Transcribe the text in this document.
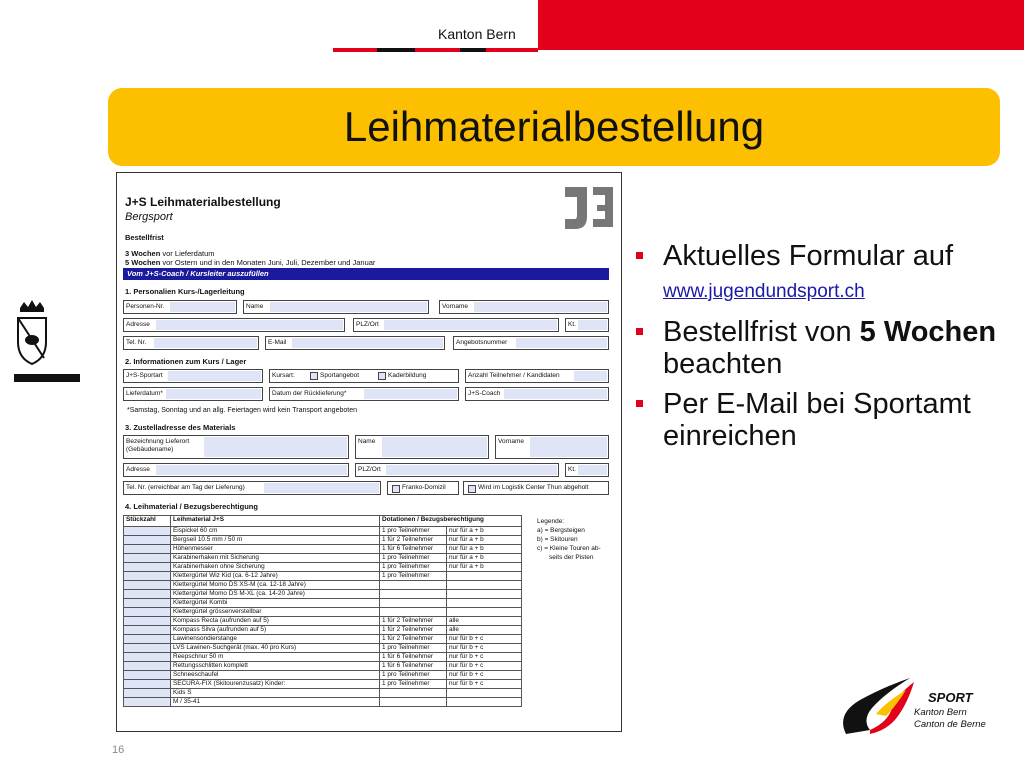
Kanton Bern
Leihmaterialbestellung
J+S Leihmaterialbestellung
Bergsport
Bestellfrist
3 Wochen vor Lieferdatum
5 Wochen vor Ostern und in den Monaten Juni, Juli, Dezember und Januar
Vom J+S-Coach / Kursleiter auszufüllen
1. Personalien Kurs-/Lagerleitung
Personen-Nr.	Name	Vorname
Adresse	PLZ/Ort	Kt.
Tel. Nr.	E-Mail	Angebotsnummer
2. Informationen zum Kurs / Lager
J+S-Sportart	Kursart:	Sportangebot	Kaderbildung	Anzahl Teilnehmer / Kandidaten
Lieferdatum*	Datum der Rücklieferung*	J+S-Coach
*Samstag, Sonntag und an allg. Feiertagen wird kein Transport angeboten
3. Zustelladresse des Materials
Bezeichnung Lieferort
(Gebäudename)
Name	Vorname
Adresse	PLZ/Ort	Kt.
Tel. Nr. (erreichbar am Tag der Lieferung)	Franko-Domizil	Wird im Logistik Center Thun abgeholt
4. Leihmaterial / Bezugsberechtigung
Stückzahl	Leihmaterial J+S	Dotationen / Bezugsberechtigung	
	Eispickel 60 cm	1 pro Teilnehmer	nur für a + b
	Bergseil 10.5 mm / 50 m	1 für 2 Teilnehmer	nur für a + b
	Höhenmesser	1 für 6 Teilnehmer	nur für a + b
	Karabinerhaken mit Sicherung	1 pro Teilnehmer	nur für a + b
	Karabinerhaken ohne Sicherung	1 pro Teilnehmer	nur für a + b
	Klettergürtel Wiz Kid (ca. 6-12 Jahre)	1 pro Teilnehmer	
	Klettergürtel Momo DS XS-M (ca. 12-18 Jahre)		
	Klettergürtel Momo DS M-XL (ca. 14-20 Jahre)		
	Klettergürtel Kombi		
	Klettergürtel grössenverstellbar		
	Kompass Recta (aufrunden auf 5)	1 für 2 Teilnehmer	alle
	Kompass Silva (aufrunden auf 5)	1 für 2 Teilnehmer	alle
	Lawinensondierstange	1 für 2 Teilnehmer	nur für b + c
	LVS Lawinen-Suchgerät (max. 40 pro Kurs)	1 pro Teilnehmer	nur für b + c
	Reepschnur 50 m	1 für 6 Teilnehmer	nur für b + c
	Rettungsschlitten komplett	1 für 6 Teilnehmer	nur für b + c
	Schneeschaufel	1 pro Teilnehmer	nur für b + c
	SECURA-FIX (Skitourenzusatz) Kinder:	1 pro Teilnehmer	nur für b + c
	Kids S		
	M / 35-41		
Legende:
a) = Bergsteigen
b) = Skitouren
c) = Kleine Touren ab-
seits der Pisten
Aktuelles Formular auf www.jugendundsport.ch
Bestellfrist von 5 Wochen beachten
Per E-Mail bei Sportamt einreichen
16
SPORT
Kanton Bern
Canton de Berne
